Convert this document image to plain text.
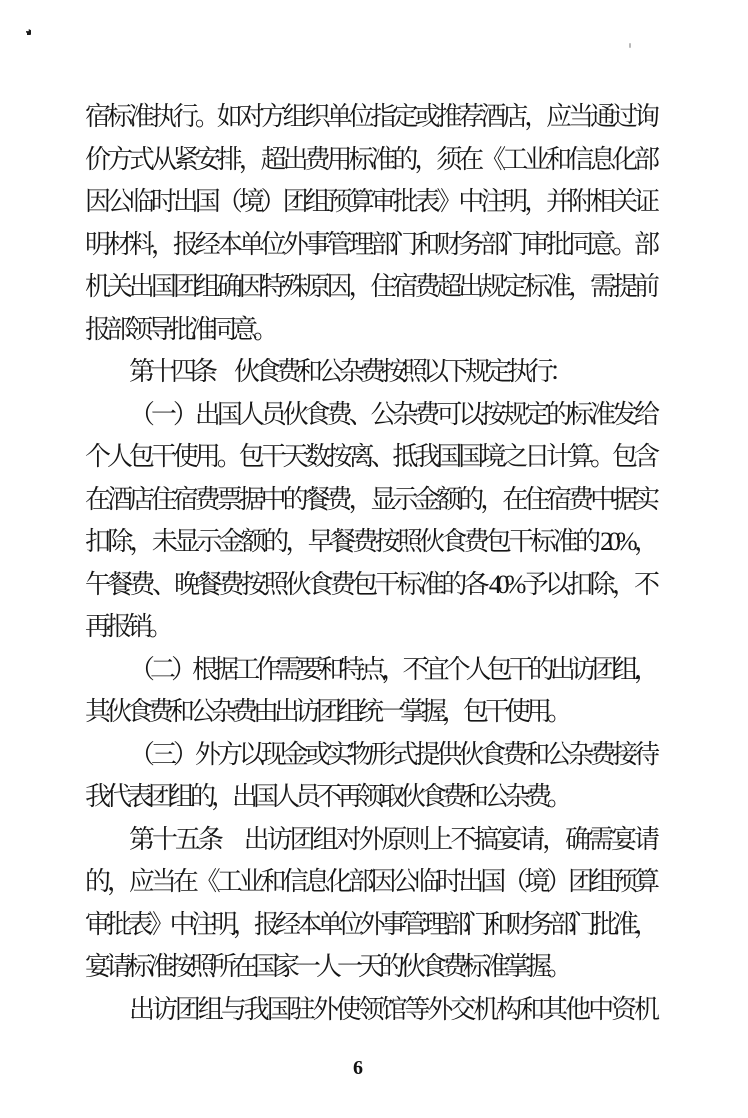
宿标准执行。如对方组织单位指定或推荐酒店，应当通过询

价方式从紧安排，超出费用标准的，须在《工业和信息化部

因公临时出国（境）团组预算审批表》中注明，并附相关证

明材料，报经本单位外事管理部门和财务部门审批同意。部

机关出国团组确因特殊原因，住宿费超出规定标准，需提前

报部领导批准同意。

第十四条　伙食费和公杂费按照以下规定执行：

（一）出国人员伙食费、公杂费可以按规定的标准发给

个人包干使用。包干天数按离、抵我国国境之日计算。包含

在酒店住宿费票据中的餐费，显示金额的，在住宿费中据实

扣除，未显示金额的，早餐费按照伙食费包干标准的 20%，

午餐费、晚餐费按照伙食费包干标准的各 40%予以扣除，不

再报销。

（二）根据工作需要和特点，不宜个人包干的出访团组，

其伙食费和公杂费由出访团组统一掌握，包干使用。

（三）外方以现金或实物形式提供伙食费和公杂费接待

我代表团组的，出国人员不再领取伙食费和公杂费。

第十五条　出访团组对外原则上不搞宴请，确需宴请

的，应当在《工业和信息化部因公临时出国（境）团组预算

审批表》中注明，报经本单位外事管理部门和财务部门批准，

宴请标准按照所在国家一人一天的伙食费标准掌握。

出访团组与我国驻外使领馆等外交机构和其他中资机

6
